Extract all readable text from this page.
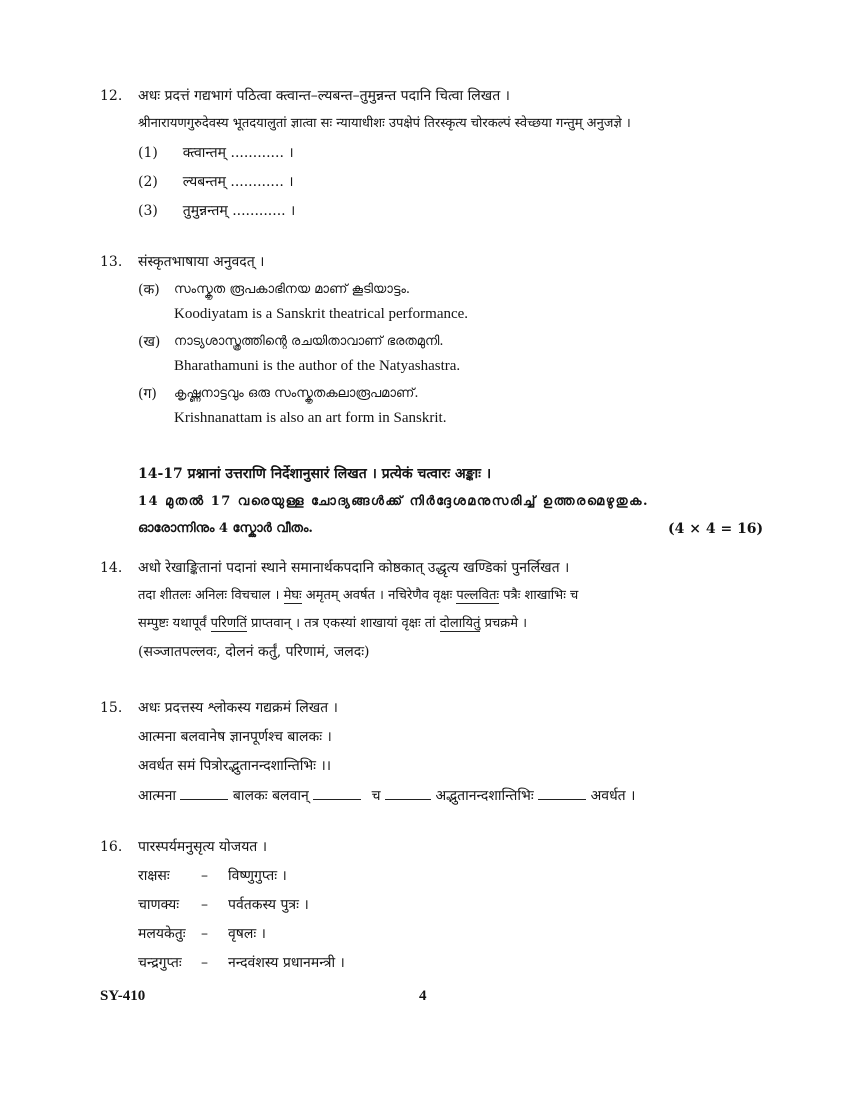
12. अधः प्रदत्तं गद्यभागं पठित्वा क्त्वान्त–ल्यबन्त–तुमुन्नन्त पदानि चित्वा लिखत ।
श्रीनारायणगुरुदेवस्य भूतदयालुतां ज्ञात्वा सः न्यायाधीशः उपक्षेपं तिरस्कृत्य चोरकल्पं स्वेच्छया गन्तुम् अनुजज्ञे ।
(1) क्त्वान्तम् ............ ।
(2) ल्यबन्तम् ............ ।
(3) तुमुन्नन्तम् ............ ।
13. संस्कृतभाषाया अनुवदत् ।
(क) സംസ്കൃത രൂപകാഭിനയ മാണ് കൂടിയാട്ടം.
Koodiyatam is a Sanskrit theatrical performance.
(ख) നാട്യശാസ്ത്രത്തിന്റെ രചയിതാവാണ് ഭരതമുനി.
Bharathamuni is the author of the Natyashastra.
(ग) കൃഷ്ണനാട്ടവും ഒരു സംസ്കൃതകലാരൂപമാണ്.
Krishnanattam is also an art form in Sanskrit.
14-17 प्रश्नानां उत्तराणि निर्देशानुसारं लिखत । प्रत्येकं चत्वारः अङ्काः ।
14 മുതൽ 17 വരെയുള്ള ചോദ്യങ്ങൾക്ക് നിർദ്ദേശമനുസരിച്ച് ഉത്തരമെഴുതുക.
ഓരോന്നിനും 4 സ്കോർ വീതം.	(4 × 4 = 16)
14. अधो रेखाङ्कितानां पदानां स्थाने समानार्थकपदानि कोष्ठकात् उद्धृत्य खण्डिकां पुनर्लिखत ।
तदा शीतलः अनिलः विचचाल । मेघः अमृतम् अवर्षत । नचिरेणैव वृक्षः पल्लवितः पत्रैः शाखाभिः च
सम्पुष्टः यथापूर्वं परिणतिं प्राप्तवान् । तत्र एकस्यां शाखायां वृक्षः तां दोलायितुं प्रचक्रमे ।
(सञ्जातपल्लवः, दोलनं कर्तुं, परिणामं, जलदः)
15. अधः प्रदत्तस्य श्लोकस्य गद्यक्रमं लिखत ।
आत्मना बलवानेष ज्ञानपूर्णश्च बालकः ।
अवर्धत समं पित्रोरद्भुतानन्दशान्तिभिः ।।
आत्मना	बालकः बलवान्	च	अद्भुतानन्दशान्तिभिः	अवर्धत ।
16. पारस्पर्यमनुसृत्य योजयत ।
राक्षसः – विष्णुगुप्तः ।
चाणक्यः – पर्वतकस्य पुत्रः ।
मलयकेतुः – वृषलः ।
चन्द्रगुप्तः – नन्दवंशस्य प्रधानमन्त्री ।
SY-410	4
